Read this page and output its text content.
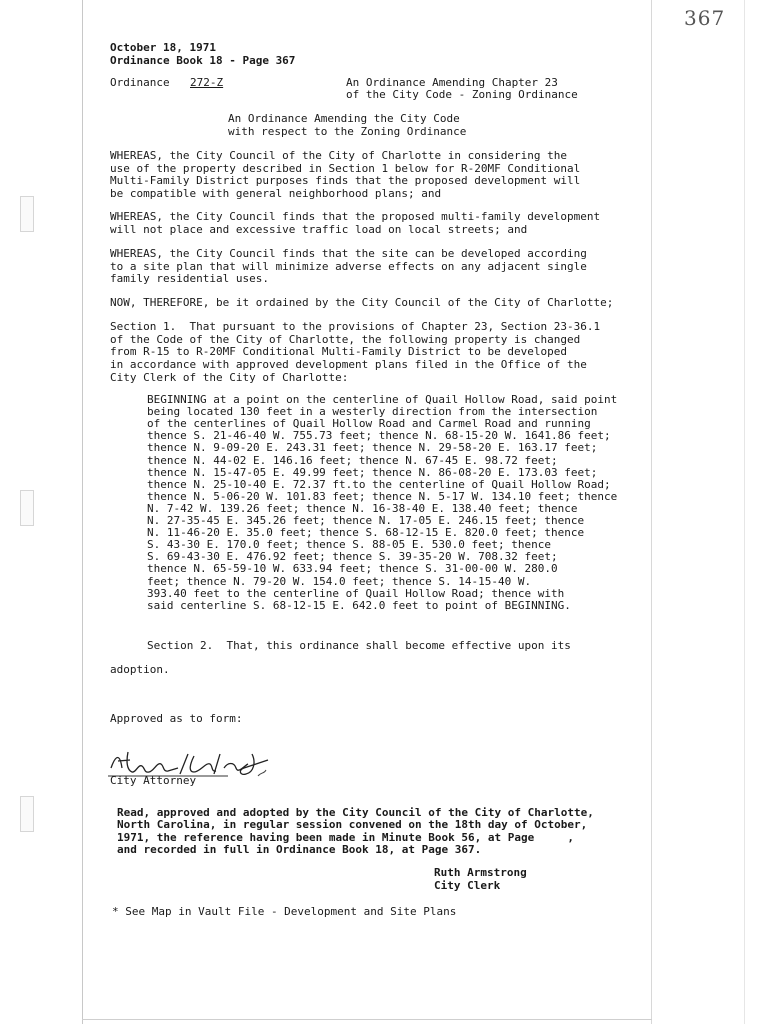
367
October 18, 1971
Ordinance Book 18 - Page 367
Ordinance 272-Z	An Ordinance Amending Chapter 23
of the City Code - Zoning Ordinance
An Ordinance Amending the City Code
with respect to the Zoning Ordinance
WHEREAS, the City Council of the City of Charlotte in considering the
use of the property described in Section 1 below for R-20MF Conditional
Multi-Family District purposes finds that the proposed development will
be compatible with general neighborhood plans; and
WHEREAS, the City Council finds that the proposed multi-family development
will not place and excessive traffic load on local streets; and
WHEREAS, the City Council finds that the site can be developed according
to a site plan that will minimize adverse effects on any adjacent single
family residential uses.
NOW, THEREFORE, be it ordained by the City Council of the City of Charlotte;
Section 1.  That pursuant to the provisions of Chapter 23, Section 23-36.1
of the Code of the City of Charlotte, the following property is changed
from R-15 to R-20MF Conditional Multi-Family District to be developed
in accordance with approved development plans filed in the Office of the
City Clerk of the City of Charlotte:
BEGINNING at a point on the centerline of Quail Hollow Road, said point
being located 130 feet in a westerly direction from the intersection
of the centerlines of Quail Hollow Road and Carmel Road and running
thence S. 21-46-40 W. 755.73 feet; thence N. 68-15-20 W. 1641.86 feet;
thence N. 9-09-20 E. 243.31 feet; thence N. 29-58-20 E. 163.17 feet;
thence N. 44-02 E. 146.16 feet; thence N. 67-45 E. 98.72 feet;
thence N. 15-47-05 E. 49.99 feet; thence N. 86-08-20 E. 173.03 feet;
thence N. 25-10-40 E. 72.37 ft.to the centerline of Quail Hollow Road;
thence N. 5-06-20 W. 101.83 feet; thence N. 5-17 W. 134.10 feet; thence
N. 7-42 W. 139.26 feet; thence N. 16-38-40 E. 138.40 feet; thence
N. 27-35-45 E. 345.26 feet; thence N. 17-05 E. 246.15 feet; thence
N. 11-46-20 E. 35.0 feet; thence S. 68-12-15 E. 820.0 feet; thence
S. 43-30 E. 170.0 feet; thence S. 88-05 E. 530.0 feet; thence
S. 69-43-30 E. 476.92 feet; thence S. 39-35-20 W. 708.32 feet;
thence N. 65-59-10 W. 633.94 feet; thence S. 31-00-00 W. 280.0
feet; thence N. 79-20 W. 154.0 feet; thence S. 14-15-40 W.
393.40 feet to the centerline of Quail Hollow Road; thence with
said centerline S. 68-12-15 E. 642.0 feet to point of BEGINNING.
Section 2.  That, this ordinance shall become effective upon its
adoption.
Approved as to form:
City Attorney
Read, approved and adopted by the City Council of the City of Charlotte,
North Carolina, in regular session convened on the 18th day of October,
1971, the reference having been made in Minute Book 56, at Page     ,
and recorded in full in Ordinance Book 18, at Page 367.
Ruth Armstrong
City Clerk
* See Map in Vault File - Development and Site Plans
